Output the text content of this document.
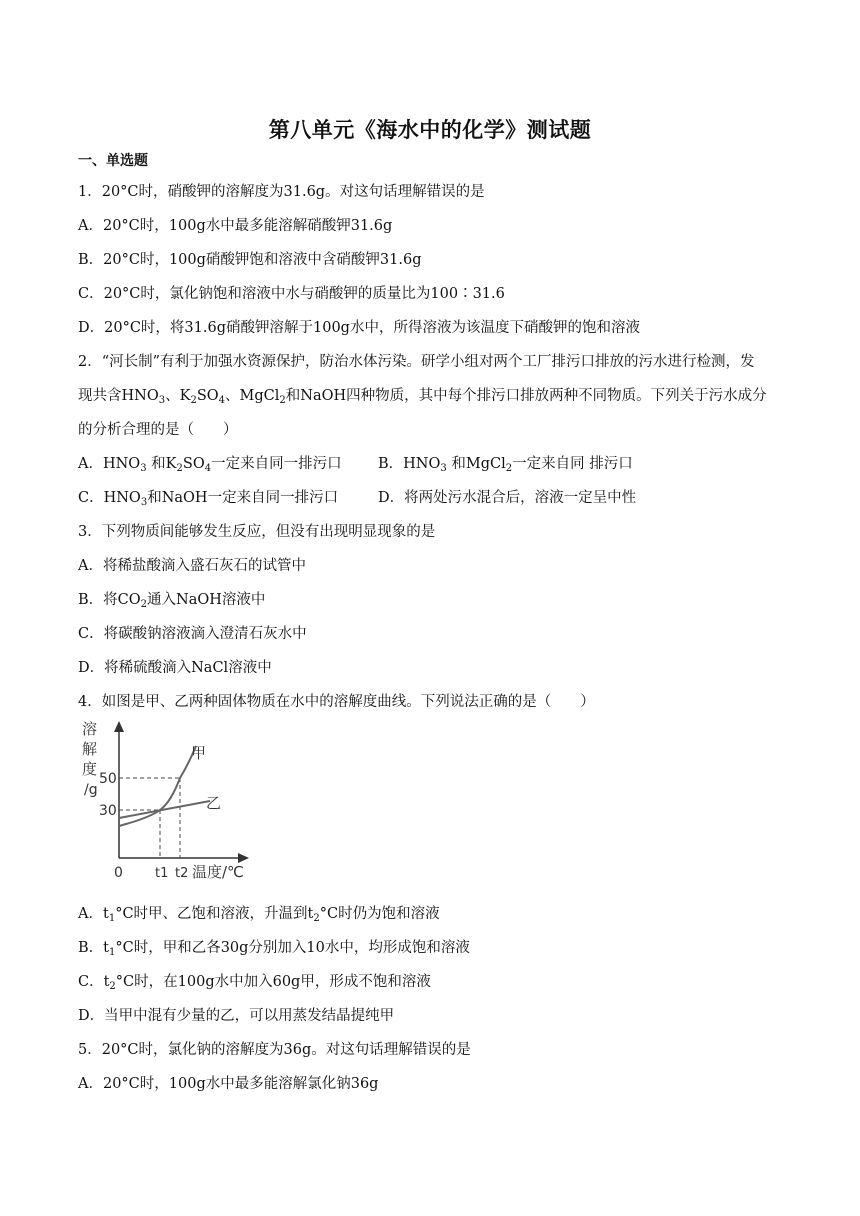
第八单元《海水中的化学》测试题
一、单选题
1．20°C时，硝酸钾的溶解度为31.6g。对这句话理解错误的是
A．20°C时，100g水中最多能溶解硝酸钾31.6g
B．20°C时，100g硝酸钾饱和溶液中含硝酸钾31.6g
C．20°C时，氯化钠饱和溶液中水与硝酸钾的质量比为100∶31.6
D．20°C时，将31.6g硝酸钾溶解于100g水中，所得溶液为该温度下硝酸钾的饱和溶液
2．“河长制”有利于加强水资源保护，防治水体污染。研学小组对两个工厂排污口排放的污水进行检测，发
现共含$HNO_3$、$K_2SO_4$、MgCl$_2$和NaOH四种物质，其中每个排污口排放两种不同物质。下列关于污水成分
的分析合理的是（　　）
A．$HNO_3$ 和$K_2SO_4$一定来自同一排污口	B．$HNO_3$ 和MgCl$_2$一定来自同 排污口
C．$HNO_3$和NaOH一定来自同一排污口	D．将两处污水混合后，溶液一定呈中性
3．下列物质间能够发生反应，但没有出现明显现象的是
A．将稀盐酸滴入盛石灰石的试管中
B．将$CO_2$通入NaOH溶液中
C．将碳酸钠溶液滴入澄清石灰水中
D．将稀硫酸滴入NaCl溶液中
4．如图是甲、乙两种固体物质在水中的溶解度曲线。下列说法正确的是（　　）
溶
解
度
/g
50
30
0 t1 t2 温度/℃
甲
乙
A．$t_1^\circ C$时甲、乙饱和溶液，升温到$t_2^\circ C$时仍为饱和溶液
B．$t_1^\circ C$时，甲和乙各30g分别加入10水中，均形成饱和溶液
C．$t_2^\circ C$时，在100g水中加入60g甲，形成不饱和溶液
D．当甲中混有少量的乙，可以用蒸发结晶提纯甲
5．20°C时，氯化钠的溶解度为36g。对这句话理解错误的是
A．20°C时，100g水中最多能溶解氯化钠36g
